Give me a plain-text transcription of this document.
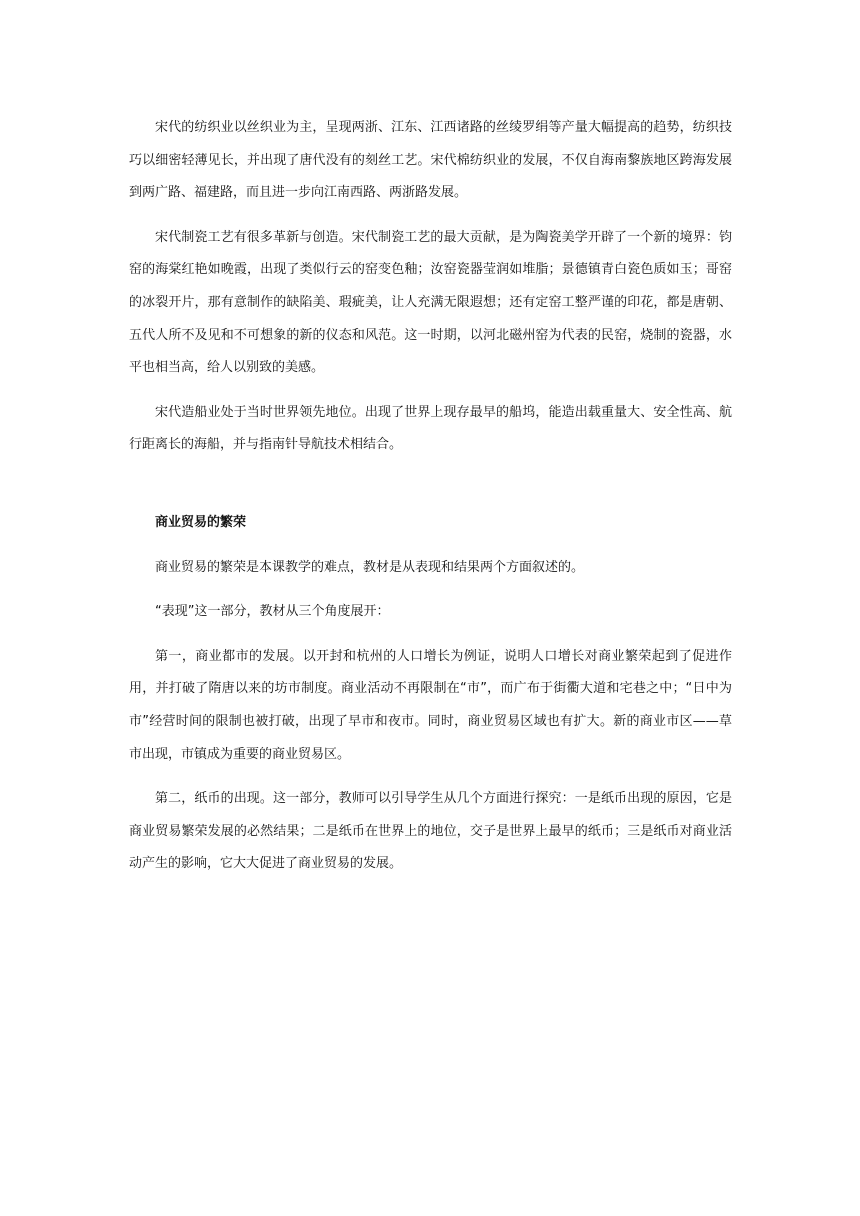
宋代的纺织业以丝织业为主，呈现两浙、江东、江西诸路的丝绫罗绢等产量大幅提高的趋势，纺织技巧以细密轻薄见长，并出现了唐代没有的刻丝工艺。宋代棉纺织业的发展，不仅自海南黎族地区跨海发展到两广路、福建路，而且进一步向江南西路、两浙路发展。

宋代制瓷工艺有很多革新与创造。宋代制瓷工艺的最大贡献，是为陶瓷美学开辟了一个新的境界：钧窑的海棠红艳如晚霞，出现了类似行云的窑变色釉；汝窑瓷器莹润如堆脂；景德镇青白瓷色质如玉；哥窑的冰裂开片，那有意制作的缺陷美、瑕疵美，让人充满无限遐想；还有定窑工整严谨的印花，都是唐朝、五代人所不及见和不可想象的新的仪态和风范。这一时期，以河北磁州窑为代表的民窑，烧制的瓷器，水平也相当高，给人以别致的美感。

宋代造船业处于当时世界领先地位。出现了世界上现存最早的船坞，能造出载重量大、安全性高、航行距离长的海船，并与指南针导航技术相结合。

商业贸易的繁荣

商业贸易的繁荣是本课教学的难点，教材是从表现和结果两个方面叙述的。

“表现”这一部分，教材从三个角度展开：

第一，商业都市的发展。以开封和杭州的人口增长为例证，说明人口增长对商业繁荣起到了促进作用，并打破了隋唐以来的坊市制度。商业活动不再限制在“市”，而广布于街衢大道和宅巷之中；“日中为市”经营时间的限制也被打破，出现了早市和夜市。同时，商业贸易区域也有扩大。新的商业市区——草市出现，市镇成为重要的商业贸易区。

第二，纸币的出现。这一部分，教师可以引导学生从几个方面进行探究：一是纸币出现的原因，它是商业贸易繁荣发展的必然结果；二是纸币在世界上的地位，交子是世界上最早的纸币；三是纸币对商业活动产生的影响，它大大促进了商业贸易的发展。
